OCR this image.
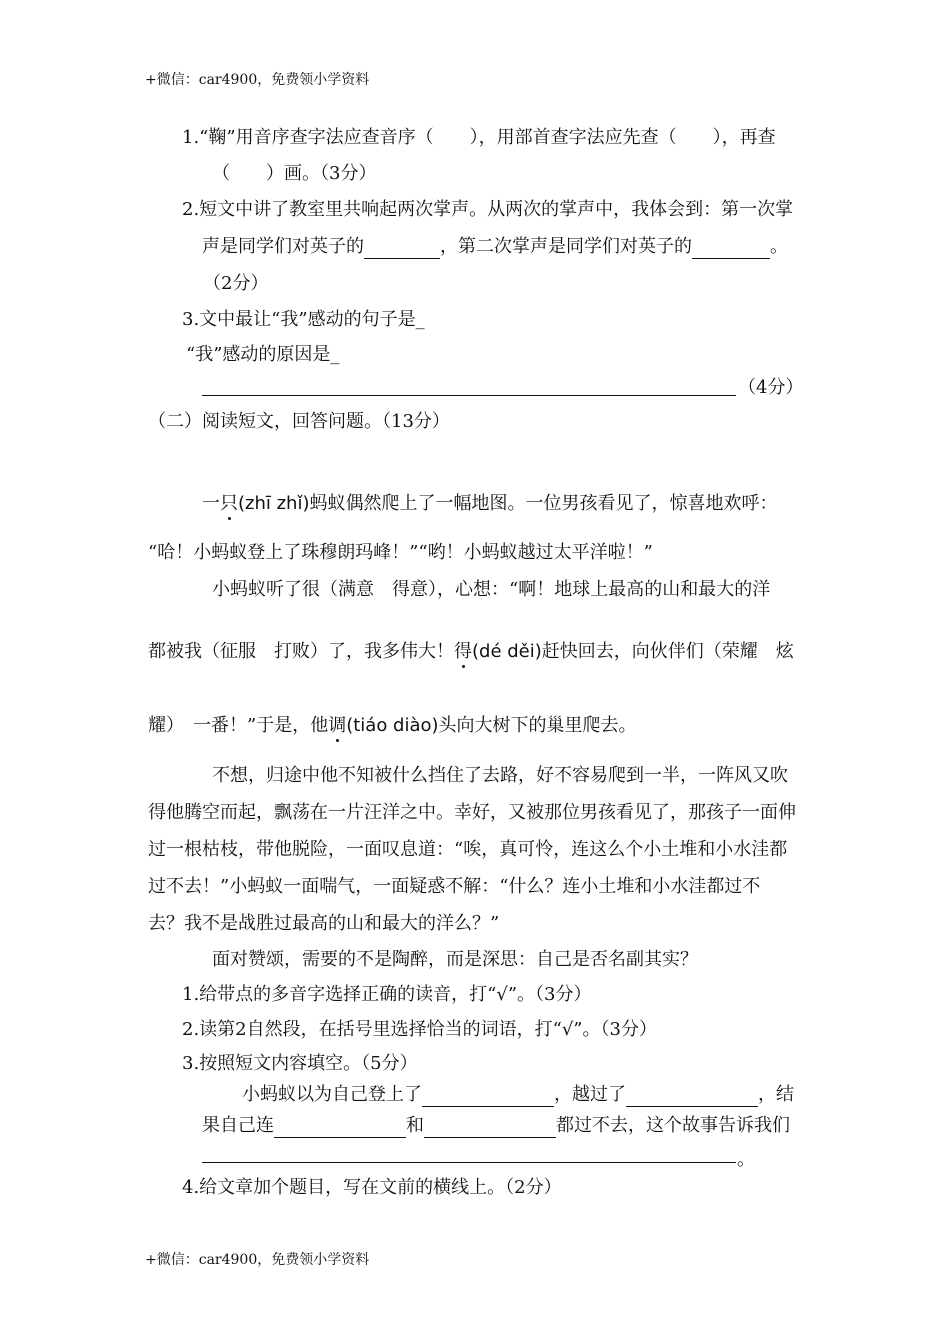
+微信：car4900，免费领小学资料
1.“鞠”用音序查字法应查音序（　　），用部首查字法应先查（　　），再查
（　　）画。（3分）
2.短文中讲了教室里共响起两次掌声。从两次的掌声中，我体会到：第一次掌
声是同学们对英子的	，第二次掌声是同学们对英子的	。
（2分）
3.文中最让“我”感动的句子是_
“我”感动的原因是_
（4分）
（二）阅读短文，回答问题。（13分）
一只(zhī zhǐ)蚂蚁偶然爬上了一幅地图。一位男孩看见了，惊喜地欢呼：
“哈！小蚂蚁登上了珠穆朗玛峰！”“哟！小蚂蚁越过太平洋啦！”
小蚂蚁听了很（满意　得意），心想：“啊！地球上最高的山和最大的洋
都被我（征服　打败）了，我多伟大！得(dé děi)赶快回去，向伙伴们（荣耀　炫
耀）　一番！”于是，他调(tiáo diào)头向大树下的巢里爬去。
不想，归途中他不知被什么挡住了去路，好不容易爬到一半，一阵风又吹
得他腾空而起，飘荡在一片汪洋之中。幸好，又被那位男孩看见了，那孩子一面伸
过一根枯枝，带他脱险，一面叹息道：“唉，真可怜，连这么个小土堆和小水洼都
过不去！”小蚂蚁一面喘气，一面疑惑不解：“什么？连小土堆和小水洼都过不
去？我不是战胜过最高的山和最大的洋么？”
面对赞颂，需要的不是陶醉，而是深思：自己是否名副其实？
1.给带点的多音字选择正确的读音，打“√”。（3分）
2.读第2自然段，在括号里选择恰当的词语，打“√”。（3分）
3.按照短文内容填空。（5分）
小蚂蚁以为自己登上了	，越过了	，结
果自己连	和	都过不去，这个故事告诉我们
。
4.给文章加个题目，写在文前的横线上。（2分）
+微信：car4900，免费领小学资料
